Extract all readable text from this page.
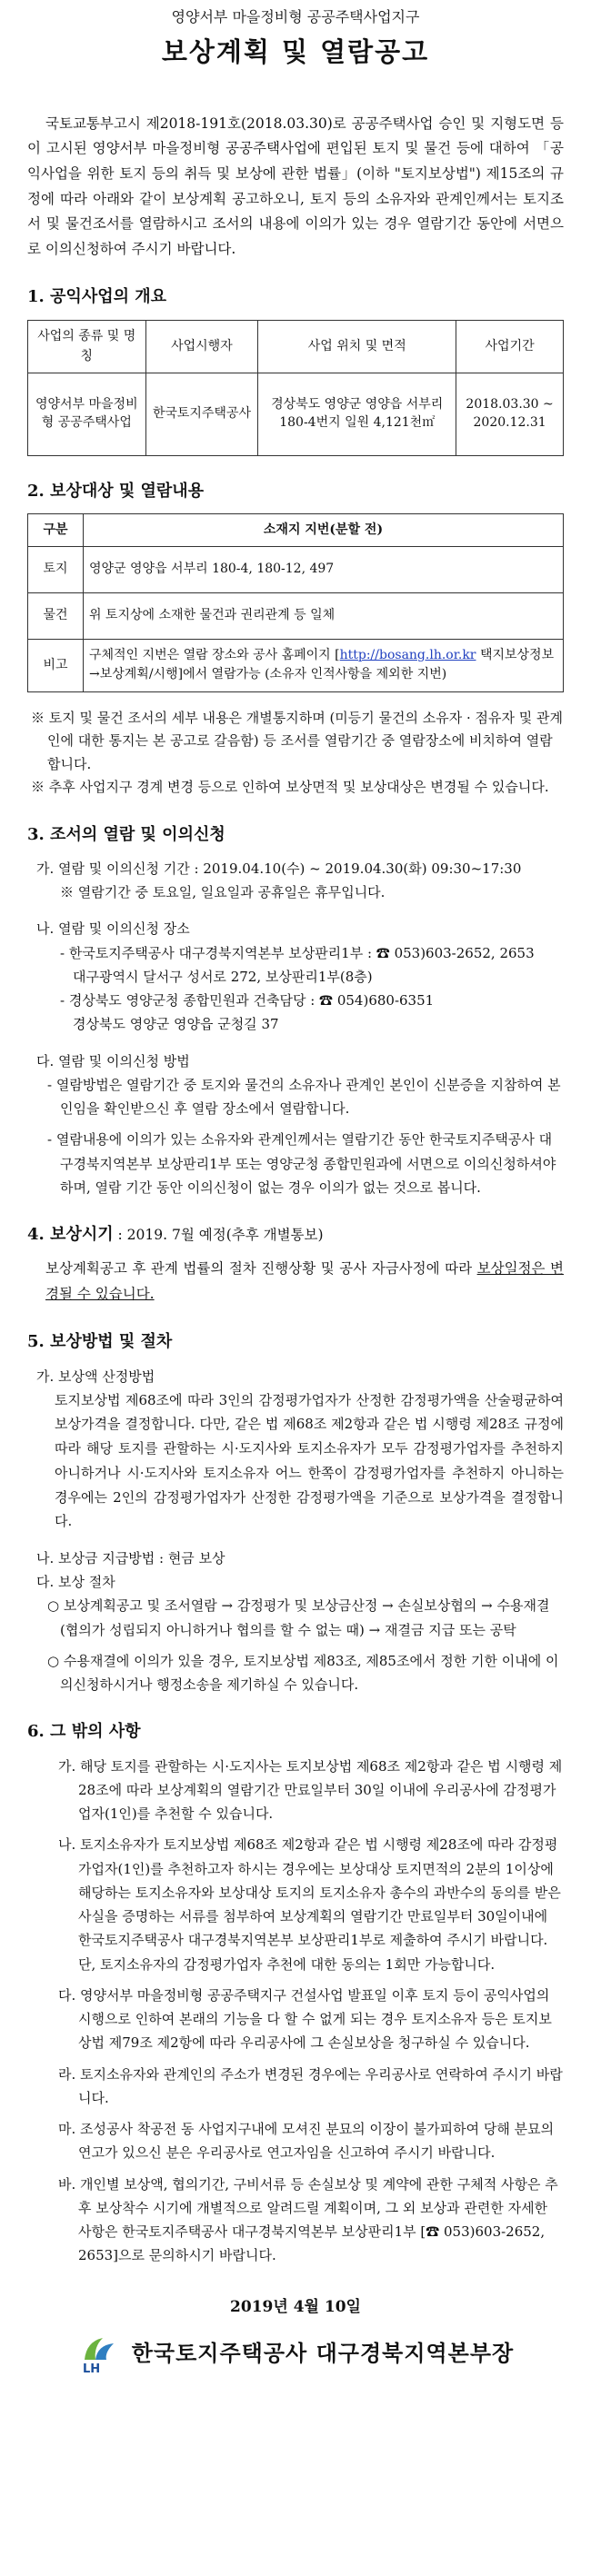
영양서부 마을정비형 공공주택사업지구
보상계획 및 열람공고
국토교통부고시 제2018-191호(2018.03.30)로 공공주택사업 승인 및 지형도면 등이 고시된 영양서부 마을정비형 공공주택사업에 편입된 토지 및 물건 등에 대하여 「공익사업을 위한 토지 등의 취득 및 보상에 관한 법률」(이하 "토지보상법") 제15조의 규정에 따라 아래와 같이 보상계획 공고하오니, 토지 등의 소유자와 관계인께서는 토지조서 및 물건조서를 열람하시고 조서의 내용에 이의가 있는 경우 열람기간 동안에 서면으로 이의신청하여 주시기 바랍니다.
1. 공익사업의 개요
사업의 종류 및 명칭	사업시행자	사업 위치 및 면적	사업기간
영양서부 마을정비형 공공주택사업	한국토지주택공사	경상북도 영양군 영양읍 서부리 180-4번지 일원 4,121천㎡	2018.03.30 ~ 2020.12.31
2. 보상대상 및 열람내용
구분	소재지 지번(분할 전)
토지	영양군 영양읍 서부리 180-4, 180-12, 497
물건	위 토지상에 소재한 물건과 권리관계 등 일체
비고	구체적인 지번은 열람 장소와 공사 홈페이지 [http://bosang.lh.or.kr 택지보상정보→보상계획/시행]에서 열람가능 (소유자 인적사항을 제외한 지번)
※ 토지 및 물건 조서의 세부 내용은 개별통지하며 (미등기 물건의 소유자 · 점유자 및 관계인에 대한 통지는 본 공고로 갈음함) 등 조서를 열람기간 중 열람장소에 비치하여 열람합니다.
※ 추후 사업지구 경계 변경 등으로 인하여 보상면적 및 보상대상은 변경될 수 있습니다.
3. 조서의 열람 및 이의신청
가. 열람 및 이의신청 기간 : 2019.04.10(수) ~ 2019.04.30(화) 09:30~17:30
※ 열람기간 중 토요일, 일요일과 공휴일은 휴무입니다.
나. 열람 및 이의신청 장소
- 한국토지주택공사 대구경북지역본부 보상판리1부 : ☎ 053)603-2652, 2653
대구광역시 달서구 성서로 272, 보상판리1부(8층)
- 경상북도 영양군청 종합민원과 건축담당 : ☎ 054)680-6351
경상북도 영양군 영양읍 군청길 37
다. 열람 및 이의신청 방법
- 열람방법은 열람기간 중 토지와 물건의 소유자나 관계인 본인이 신분증을 지참하여 본인임을 확인받으신 후 열람 장소에서 열람합니다.
- 열람내용에 이의가 있는 소유자와 관계인께서는 열람기간 동안 한국토지주택공사 대구경북지역본부 보상판리1부 또는 영양군청 종합민원과에 서면으로 이의신청하셔야 하며, 열람 기간 동안 이의신청이 없는 경우 이의가 없는 것으로 봅니다.
4. 보상시기 : 2019. 7월 예정(추후 개별통보)
보상계획공고 후 관계 법률의 절차 진행상황 및 공사 자금사정에 따라 보상일정은 변경될 수 있습니다.
5. 보상방법 및 절차
가. 보상액 산정방법
토지보상법 제68조에 따라 3인의 감정평가업자가 산정한 감정평가액을 산술평균하여 보상가격을 결정합니다. 다만, 같은 법 제68조 제2항과 같은 법 시행령 제28조 규정에 따라 해당 토지를 관할하는 시·도지사와 토지소유자가 모두 감정평가업자를 추천하지 아니하거나 시·도지사와 토지소유자 어느 한쪽이 감정평가업자를 추천하지 아니하는 경우에는 2인의 감정평가업자가 산정한 감정평가액을 기준으로 보상가격을 결정합니다.
나. 보상금 지급방법 : 현금 보상
다. 보상 절차
○ 보상계획공고 및 조서열람 → 감정평가 및 보상금산정 → 손실보상협의 → 수용재결(협의가 성립되지 아니하거나 협의를 할 수 없는 때) → 재결금 지급 또는 공탁
○ 수용재결에 이의가 있을 경우, 토지보상법 제83조, 제85조에서 정한 기한 이내에 이의신청하시거나 행정소송을 제기하실 수 있습니다.
6. 그 밖의 사항
가. 해당 토지를 관할하는 시·도지사는 토지보상법 제68조 제2항과 같은 법 시행령 제28조에 따라 보상계획의 열람기간 만료일부터 30일 이내에 우리공사에 감정평가업자(1인)를 추천할 수 있습니다.
나. 토지소유자가 토지보상법 제68조 제2항과 같은 법 시행령 제28조에 따라 감정평가업자(1인)를 추천하고자 하시는 경우에는 보상대상 토지면적의 2분의 1이상에 해당하는 토지소유자와 보상대상 토지의 토지소유자 총수의 과반수의 동의를 받은 사실을 증명하는 서류를 첨부하여 보상계획의 열람기간 만료일부터 30일이내에 한국토지주택공사 대구경북지역본부 보상판리1부로 제출하여 주시기 바랍니다. 단, 토지소유자의 감정평가업자 추천에 대한 동의는 1회만 가능합니다.
다. 영양서부 마을정비형 공공주택지구 건설사업 발표일 이후 토지 등이 공익사업의 시행으로 인하여 본래의 기능을 다 할 수 없게 되는 경우 토지소유자 등은 토지보상법 제79조 제2항에 따라 우리공사에 그 손실보상을 청구하실 수 있습니다.
라. 토지소유자와 관계인의 주소가 변경된 경우에는 우리공사로 연락하여 주시기 바랍니다.
마. 조성공사 착공전 동 사업지구내에 모셔진 분묘의 이장이 불가피하여 당해 분묘의 연고가 있으신 분은 우리공사로 연고자임을 신고하여 주시기 바랍니다.
바. 개인별 보상액, 협의기간, 구비서류 등 손실보상 및 계약에 관한 구체적 사항은 추후 보상착수 시기에 개별적으로 알려드릴 계획이며, 그 외 보상과 관련한 자세한 사항은 한국토지주택공사 대구경북지역본부 보상판리1부 [☎ 053)603-2652, 2653]으로 문의하시기 바랍니다.
2019년 4월 10일
LH
한국토지주택공사 대구경북지역본부장
